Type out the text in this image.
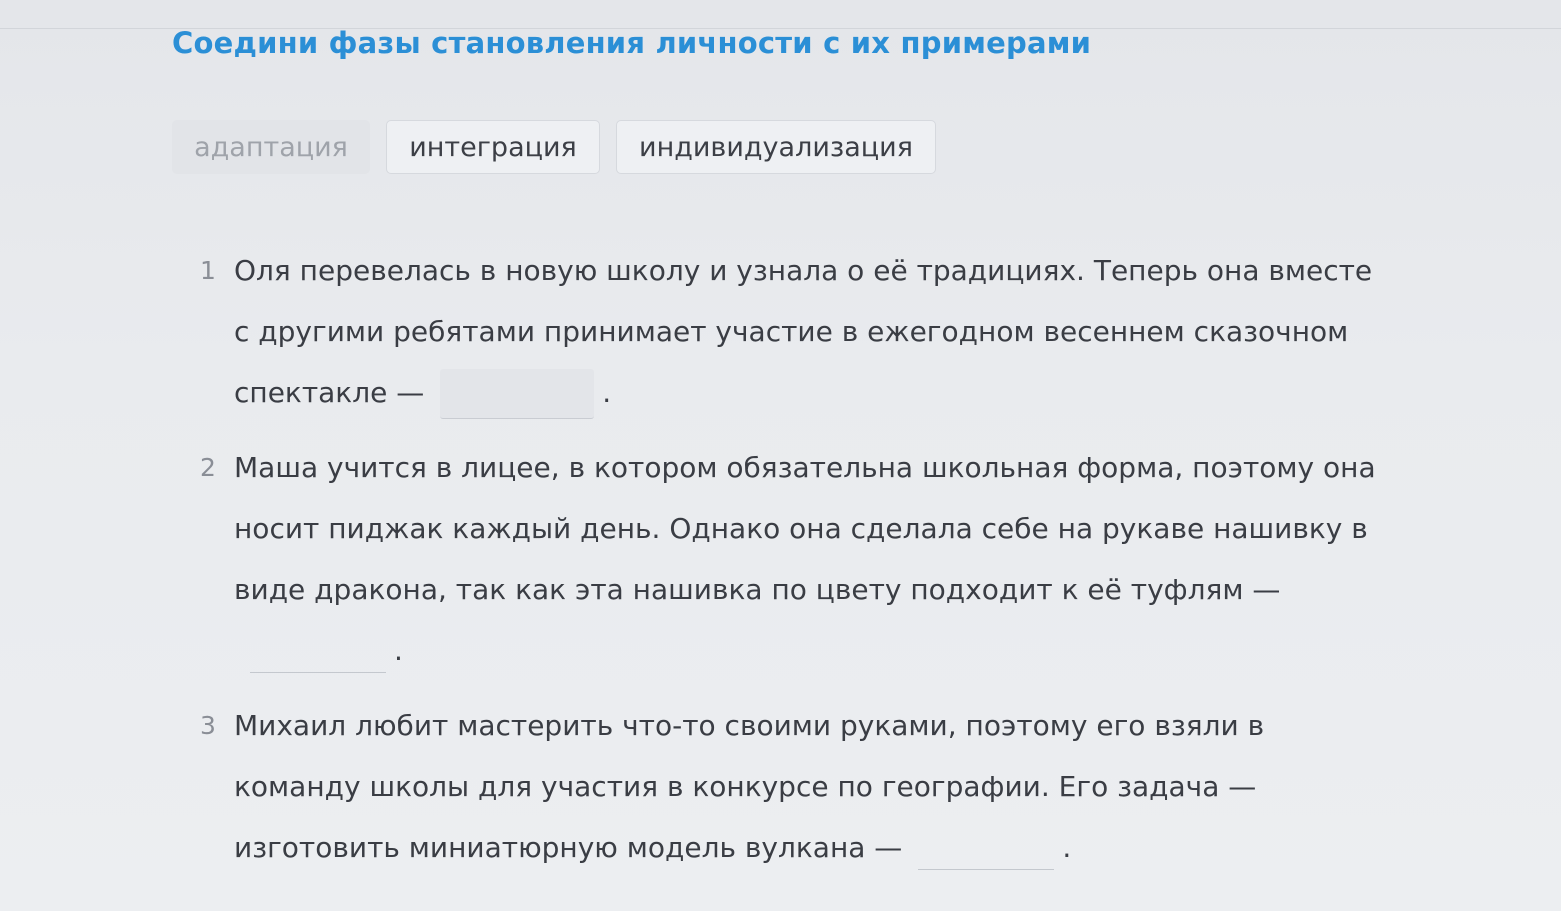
Соедини фазы становления личности с их примерами
адаптация	интеграция	индивидуализация
1 Оля перевелась в новую школу и узнала о её традициях. Теперь она вместе с другими ребятами принимает участие в ежегодном весеннем сказочном спектакле —	.

2 Маша учится в лицее, в котором обязательна школьная форма, поэтому она носит пиджак каждый день. Однако она сделала себе на рукаве нашивку в виде дракона, так как эта нашивка по цвету подходит к её туфлям —.

3 Михаил любит мастерить что-то своими руками, поэтому его взяли в команду школы для участия в конкурсе по географии. Его задача — изготовить миниатюрную модель вулкана —	.
